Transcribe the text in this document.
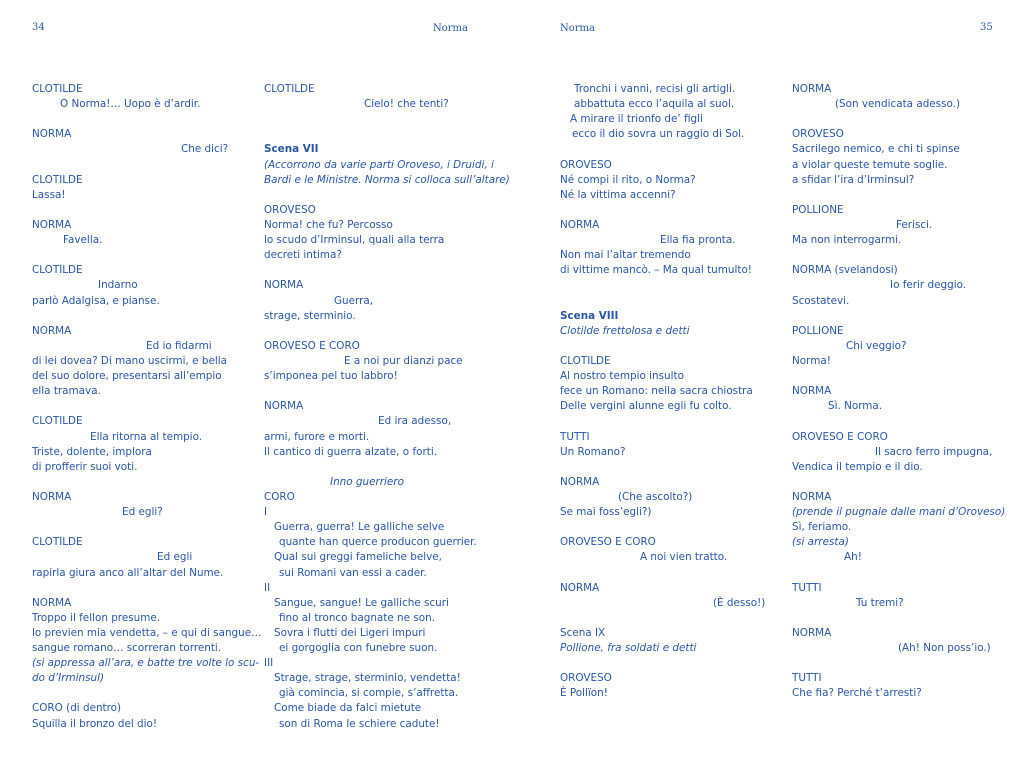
34	Norma
CLOTILDE
O Norma!… Uopo è d’ardir.
NORMA
Che dici?
CLOTILDE
Lassa!
NORMA
Favella.
CLOTILDE
Indarno
parlò Adalgisa, e pianse.
NORMA
Ed io fidarmi
di lei dovea? Di mano uscirmi, e bella
del suo dolore, presentarsi all’empio
ella tramava.
CLOTILDE
Ella ritorna al tempio.
Triste, dolente, implora
di profferir suoi voti.
NORMA
Ed egli?
CLOTILDE
Ed egli
rapirla giura anco all’altar del Nume.
NORMA
Troppo il fellon presume.
lo previen mia vendetta, – e qui di sangue…
sangue romano… scorreran torrenti.
(si appressa all’ara, e batte tre volte lo scu-
do d’Irminsul)
CORO (di dentro)
Squilla il bronzo del dio!
CLOTILDE
Cielo! che tenti?
Scena VII
(Accorrono da varie parti Oroveso, i Druidi, i
Bardi e le Ministre. Norma si colloca sull’altare)
OROVESO
Norma! che fu? Percosso
lo scudo d’Irminsul, quali alla terra
decreti intima?
NORMA
Guerra,
strage, sterminio.
OROVESO E CORO
E a noi pur dianzi pace
s’imponea pel tuo labbro!
NORMA
Ed ira adesso,
armi, furore e morti.
Il cantico di guerra alzate, o forti.
Inno guerriero
CORO
I
Guerra, guerra! Le galliche selve
quante han querce producon guerrier.
Qual sui greggi fameliche belve,
sui Romani van essi a cader.
II
Sangue, sangue! Le galliche scuri
fino al tronco bagnate ne son.
Sovra i flutti dei Ligeri impuri
ei gorgoglia con funebre suon.
III
Strage, strage, sterminio, vendetta!
già comincia, si compie, s’affretta.
Come biade da falci mietute
son di Roma le schiere cadute!
Norma	35
Tronchi i vanni, recisi gli artigli.
abbattuta ecco l’aquila al suol.
A mirare il trionfo de’ figli
ecco il dio sovra un raggio di Sol.
OROVESO
Né compi il rito, o Norma?
Né la vittima accenni?
NORMA
Ella fia pronta.
Non mai l’altar tremendo
di vittime mancò. – Ma qual tumulto!
Scena VIII
Clotilde frettolosa e detti
CLOTILDE
Al nostro tempio insulto
fece un Romano: nella sacra chiostra
Delle vergini alunne egli fu colto.
TUTTI
Un Romano?
NORMA
(Che ascolto?)
Se mai foss’egli?)
OROVESO E CORO
A noi vien tratto.
NORMA
(È desso!)
Scena IX
Pollione, fra soldati e detti
OROVESO
È Pollïon!
NORMA
(Son vendicata adesso.)
OROVESO
Sacrilego nemico, e chi ti spinse
a violar queste temute soglie.
a sfidar l’ira d’Irminsul?
POLLIONE
Ferisci.
Ma non interrogarmi.
NORMA (svelandosi)
Io ferir deggio.
Scostatevi.
POLLIONE
Chi veggio?
Norma!
NORMA
Sì. Norma.
OROVESO E CORO
Il sacro ferro impugna,
Vendica il tempio e il dio.
NORMA
(prende il pugnale dalle mani d’Oroveso)
Sì, feriamo.
(si arresta)
Ah!
TUTTI
Tu tremi?
NORMA
(Ah! Non poss’io.)
TUTTI
Che fia? Perché t’arresti?
